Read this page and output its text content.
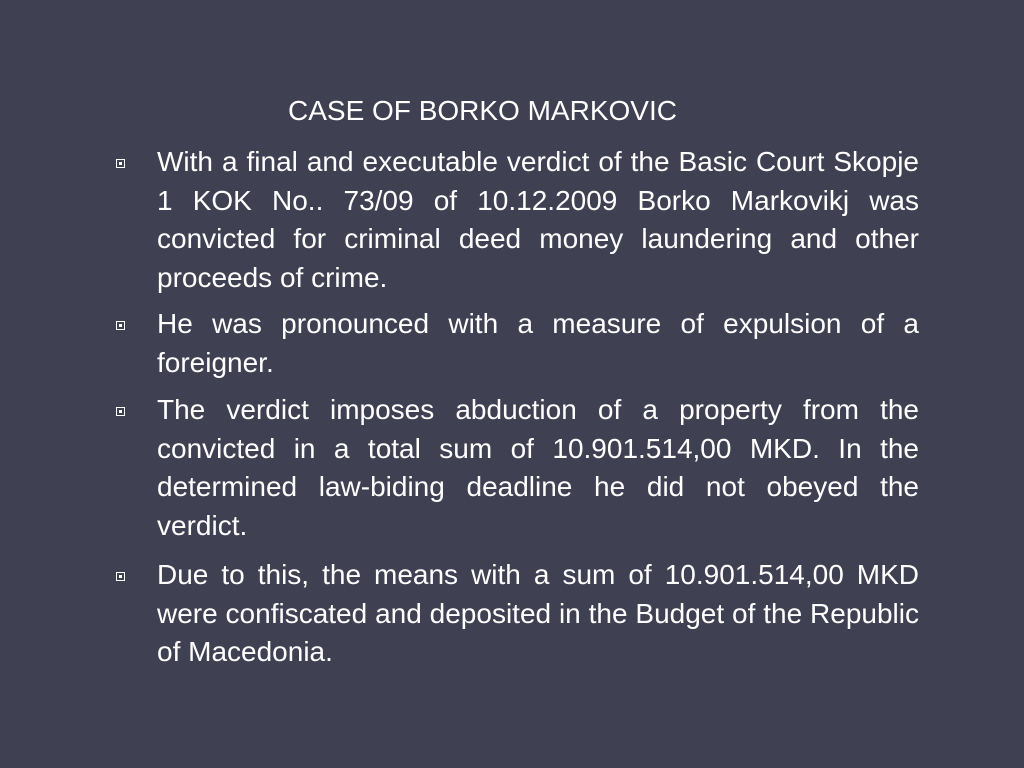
CASE OF BORKO MARKOVIC
With a final and executable verdict of the Basic Court Skopje 1 KOK No.. 73/09 of 10.12.2009 Borko Markovikj was convicted for criminal deed money laundering and other proceeds of crime.
He was pronounced with a measure of expulsion of a foreigner.
The verdict imposes abduction of a property from the convicted in a total sum of 10.901.514,00 MKD. In the determined law-biding deadline he did not obeyed the verdict.
Due to this, the means with a sum of 10.901.514,00 MKD were confiscated and deposited in the Budget of the Republic of Macedonia.
